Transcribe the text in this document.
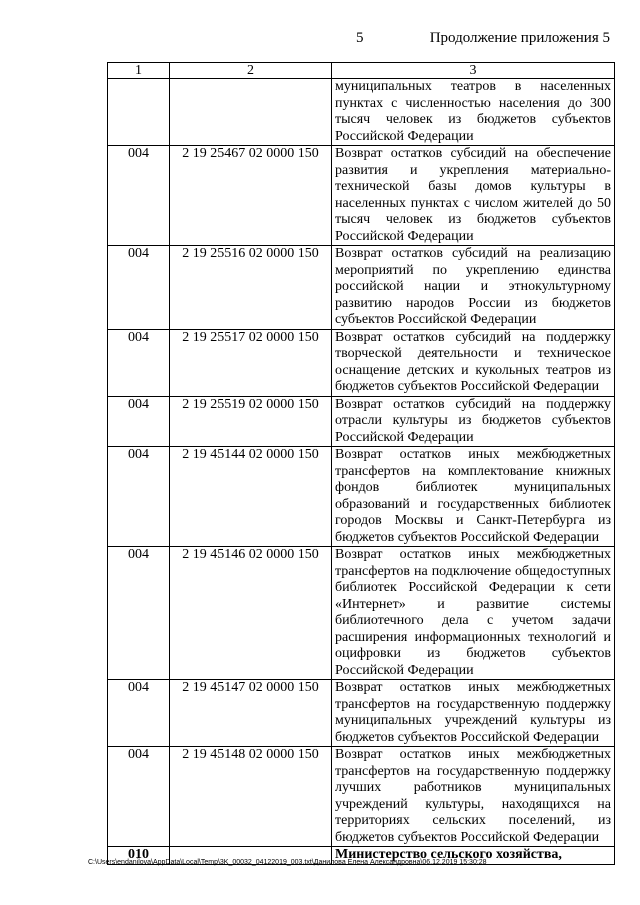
5	Продолжение приложения 5
1	2	3
		муниципальных театров в населенных пунктах с численностью населения до 300 тысяч человек из бюджетов субъектов Российской Федерации
004	2 19 25467 02 0000 150	Возврат остатков субсидий на обеспечение развития и укрепления материально-технической базы домов культуры в населенных пунктах с числом жителей до 50 тысяч человек из бюджетов субъектов Российской Федерации
004	2 19 25516 02 0000 150	Возврат остатков субсидий на реализацию мероприятий по укреплению единства российской нации и этнокультурному развитию народов России из бюджетов субъектов Российской Федерации
004	2 19 25517 02 0000 150	Возврат остатков субсидий на поддержку творческой деятельности и техническое оснащение детских и кукольных театров из бюджетов субъектов Российской Федерации
004	2 19 25519 02 0000 150	Возврат остатков субсидий на поддержку отрасли культуры из бюджетов субъектов Российской Федерации
004	2 19 45144 02 0000 150	Возврат остатков иных межбюджетных трансфертов на комплектование книжных фондов библиотек муниципальных образований и государственных библиотек городов Москвы и Санкт-Петербурга из бюджетов субъектов Российской Федерации
004	2 19 45146 02 0000 150	Возврат остатков иных межбюджетных трансфертов на подключение общедоступных библиотек Российской Федерации к сети «Интернет» и развитие системы библиотечного дела с учетом задачи расширения информационных технологий и оцифровки из бюджетов субъектов Российской Федерации
004	2 19 45147 02 0000 150	Возврат остатков иных межбюджетных трансфертов на государственную поддержку муниципальных учреждений культуры из бюджетов субъектов Российской Федерации
004	2 19 45148 02 0000 150	Возврат остатков иных межбюджетных трансфертов на государственную поддержку лучших работников муниципальных учреждений культуры, находящихся на территориях сельских поселений, из бюджетов субъектов Российской Федерации
010		Министерство сельского хозяйства,
C:\Users\endanilova\AppData\Local\Temp\3K_00032_04122019_003.txt\Данилова Елена Александровна\06.12.2019 15:30:28
